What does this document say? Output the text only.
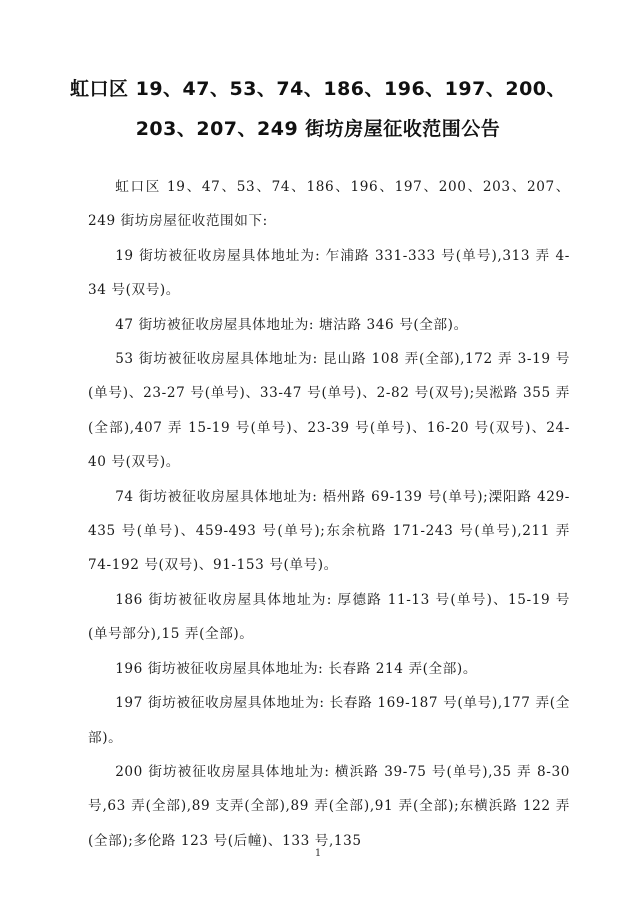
虹口区 19、47、53、74、186、196、197、200、
203、207、249 街坊房屋征收范围公告

虹口区 19、47、53、74、186、196、197、200、203、207、249 街坊房屋征收范围如下:

19 街坊被征收房屋具体地址为: 乍浦路 331-333 号(单号),313 弄 4-34 号(双号)。

47 街坊被征收房屋具体地址为: 塘沽路 346 号(全部)。

53 街坊被征收房屋具体地址为: 昆山路 108 弄(全部),172 弄 3-19 号(单号)、23-27 号(单号)、33-47 号(单号)、2-82 号(双号);吴淞路 355 弄(全部),407 弄 15-19 号(单号)、23-39 号(单号)、16-20 号(双号)、24-40 号(双号)。

74 街坊被征收房屋具体地址为: 梧州路 69-139 号(单号);溧阳路 429-435 号(单号)、459-493 号(单号);东余杭路 171-243 号(单号),211 弄 74-192 号(双号)、91-153 号(单号)。

186 街坊被征收房屋具体地址为: 厚德路 11-13 号(单号)、15-19 号(单号部分),15 弄(全部)。

196 街坊被征收房屋具体地址为: 长春路 214 弄(全部)。

197 街坊被征收房屋具体地址为: 长春路 169-187 号(单号),177 弄(全部)。

200 街坊被征收房屋具体地址为: 横浜路 39-75 号(单号),35 弄 8-30 号,63 弄(全部),89 支弄(全部),89 弄(全部),91 弄(全部);东横浜路 122 弄(全部);多伦路 123 号(后幢)、133 号,135

1
